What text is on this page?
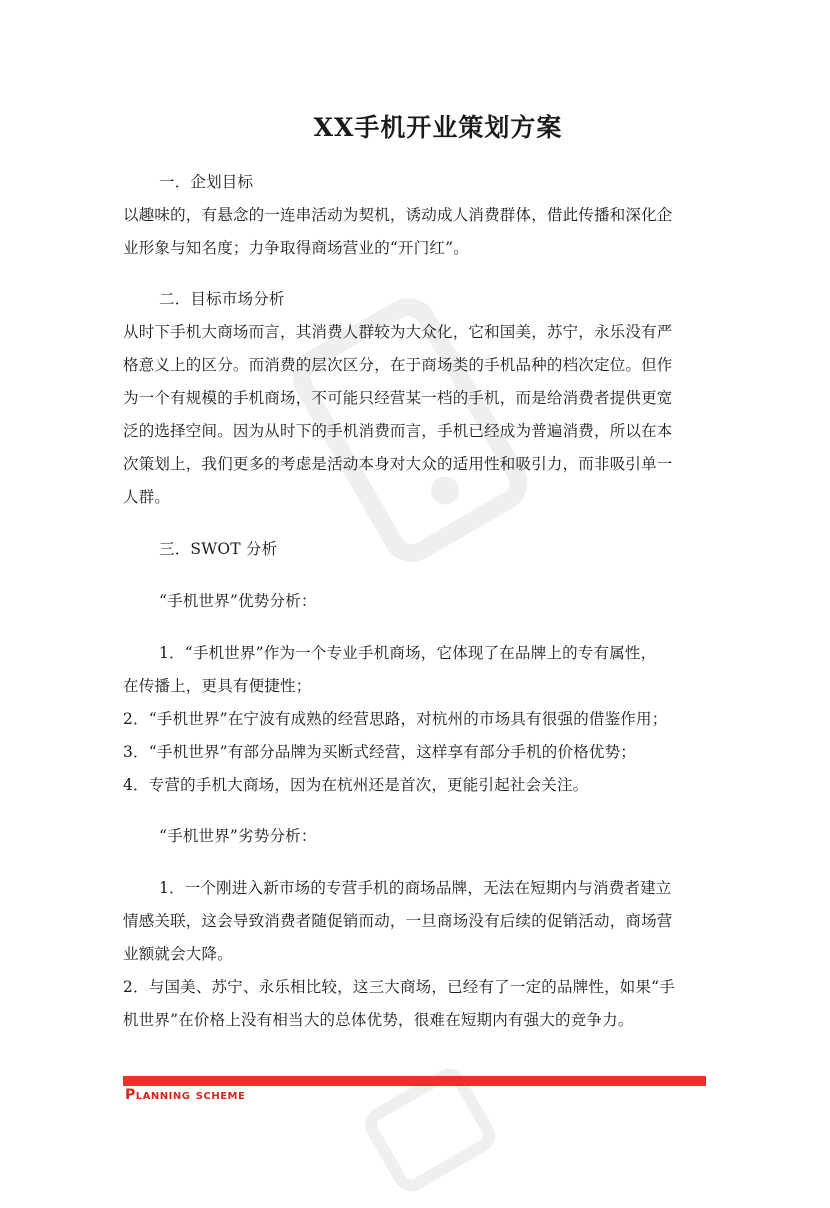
XX手机开业策划方案
一．企划目标
以趣味的，有悬念的一连串活动为契机，诱动成人消费群体，借此传播和深化企
业形象与知名度；力争取得商场营业的“开门红”。
二．目标市场分析
从时下手机大商场而言，其消费人群较为大众化，它和国美，苏宁，永乐没有严
格意义上的区分。而消费的层次区分，在于商场类的手机品种的档次定位。但作
为一个有规模的手机商场，不可能只经营某一档的手机，而是给消费者提供更宽
泛的选择空间。因为从时下的手机消费而言，手机已经成为普遍消费，所以在本
次策划上，我们更多的考虑是活动本身对大众的适用性和吸引力，而非吸引单一
人群。
三．SWOT 分析
“手机世界”优势分析：
1．“手机世界”作为一个专业手机商场，它体现了在品牌上的专有属性，
在传播上，更具有便捷性；
2．“手机世界”在宁波有成熟的经营思路，对杭州的市场具有很强的借鉴作用；
3．“手机世界”有部分品牌为买断式经营，这样享有部分手机的价格优势；
4．专营的手机大商场，因为在杭州还是首次，更能引起社会关注。
“手机世界”劣势分析：
1．一个刚进入新市场的专营手机的商场品牌，无法在短期内与消费者建立
情感关联，这会导致消费者随促销而动，一旦商场没有后续的促销活动，商场营
业额就会大降。
2．与国美、苏宁、永乐相比较，这三大商场，已经有了一定的品牌性，如果“手
机世界”在价格上没有相当大的总体优势，很难在短期内有强大的竞争力。
Planning scheme
